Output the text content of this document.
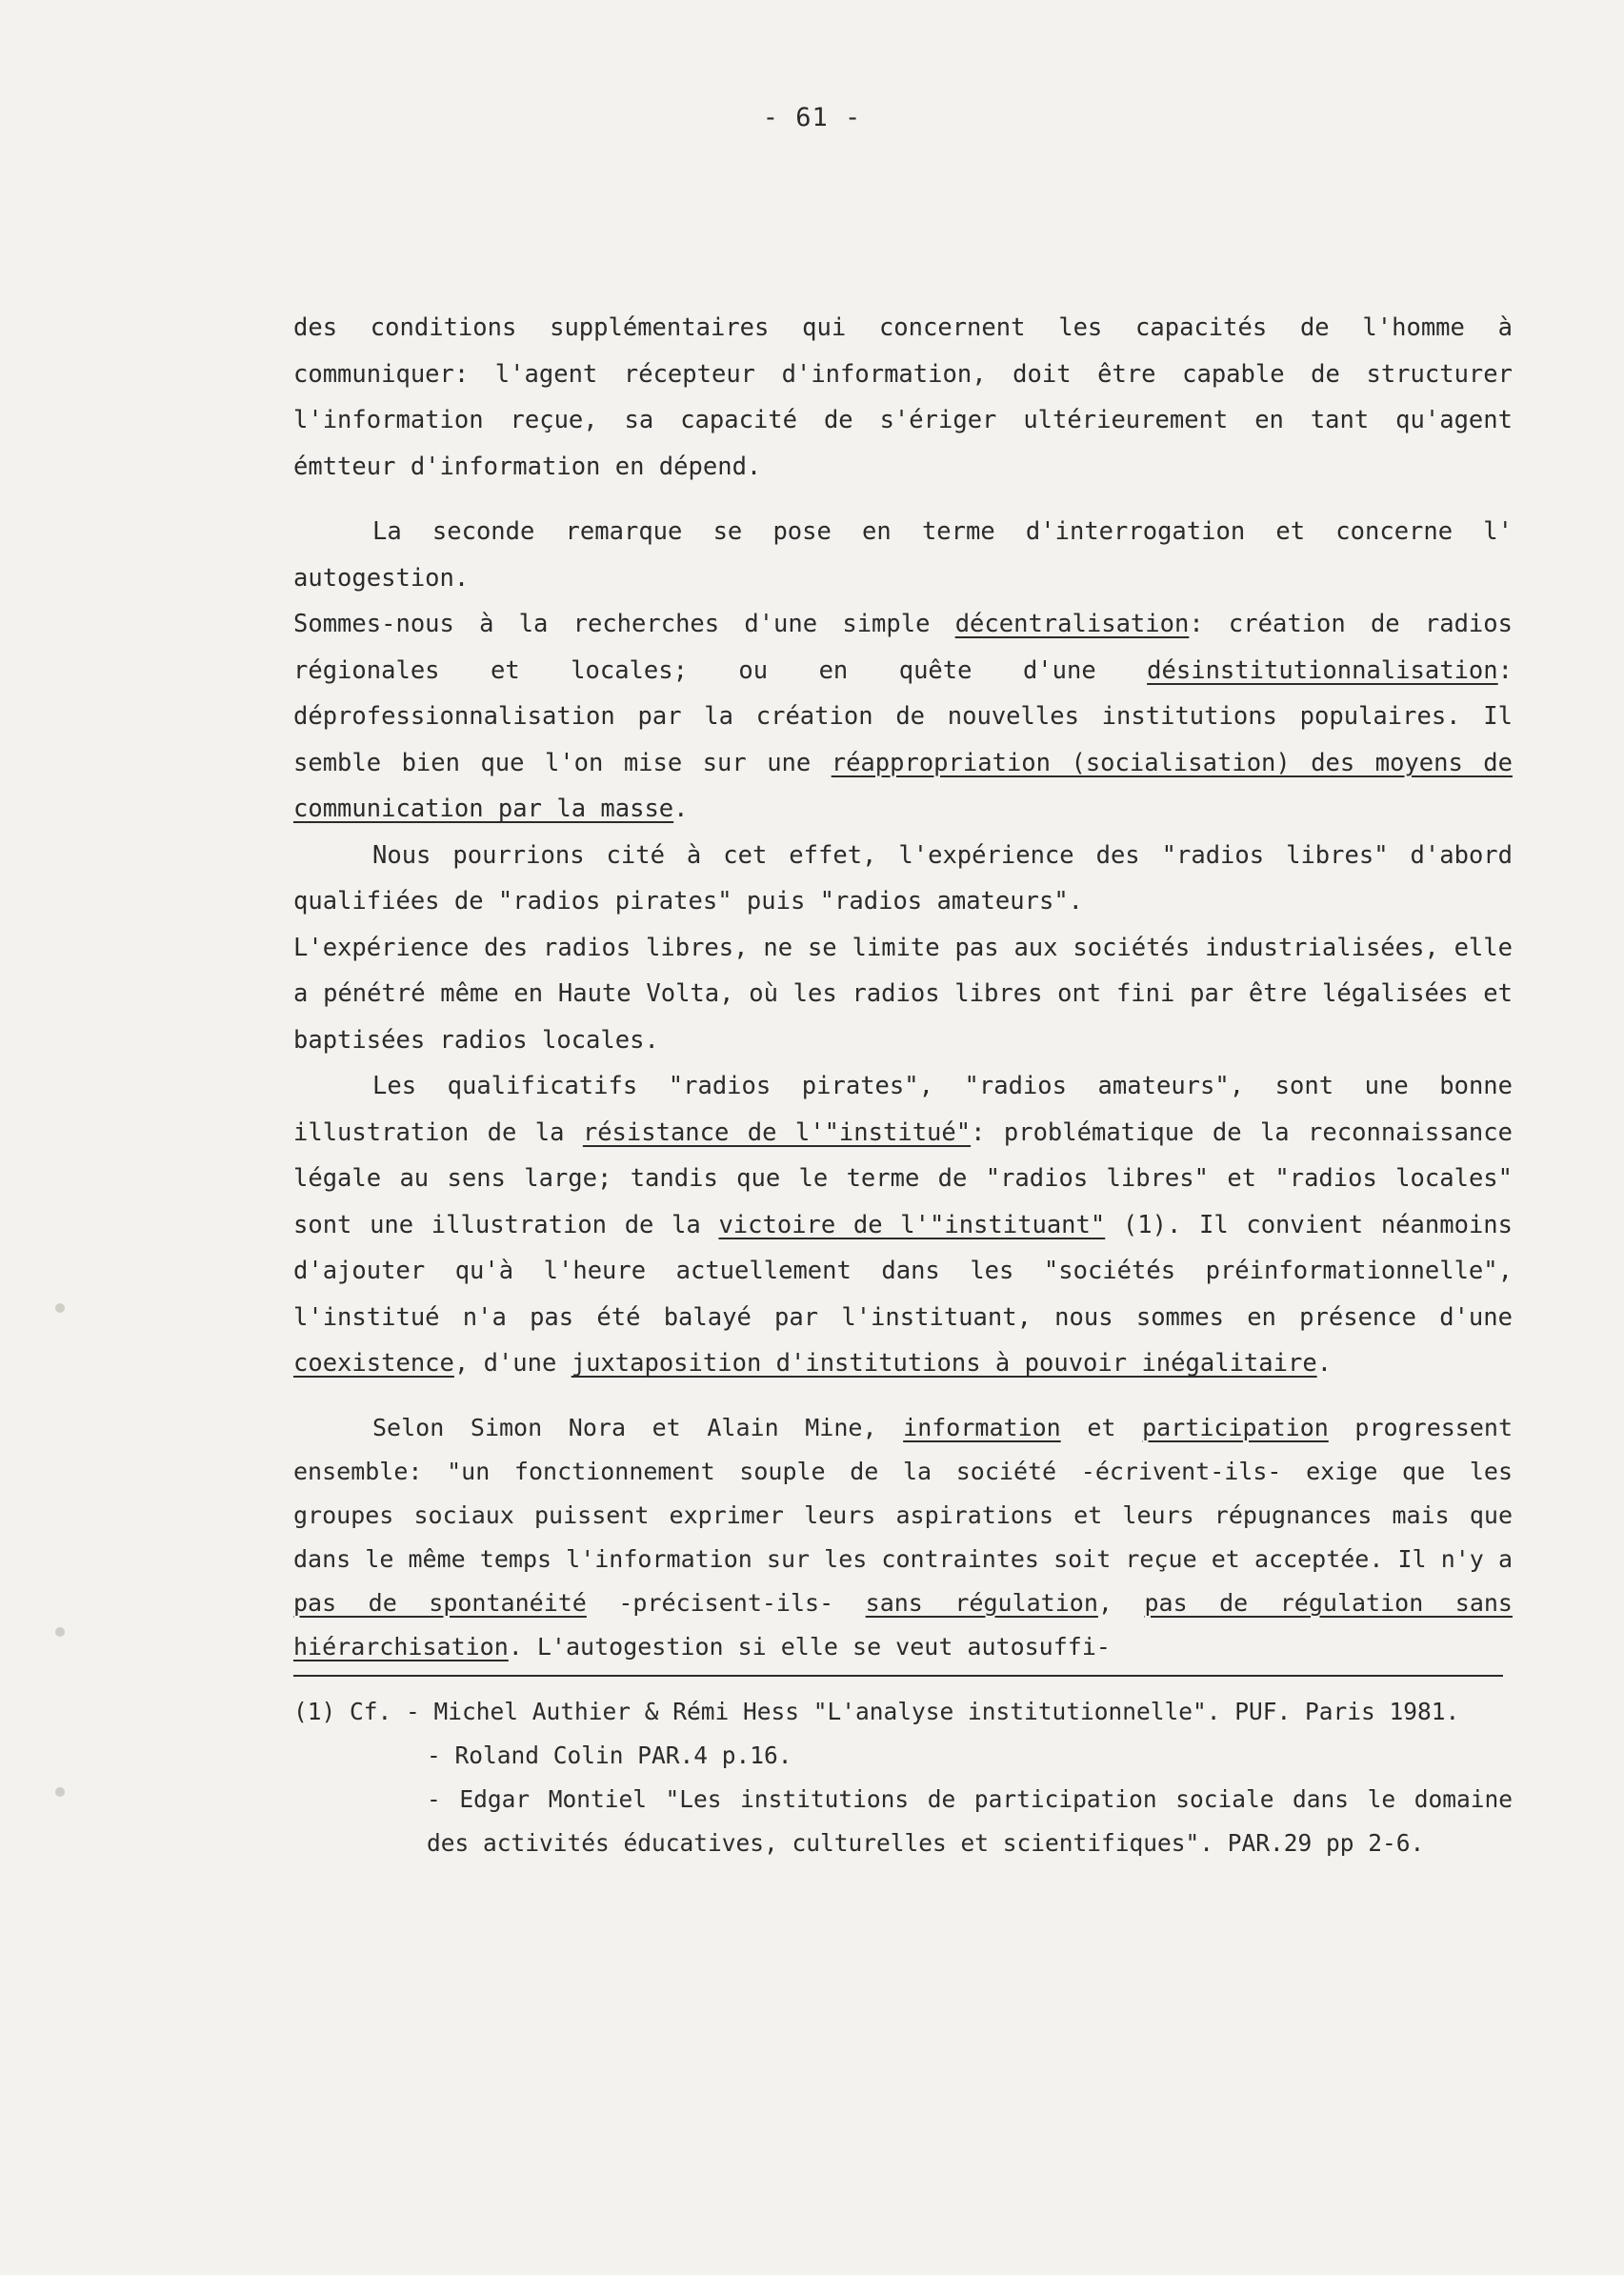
- 61 -

des conditions supplémentaires qui concernent les capacités de l'homme à communiquer: l'agent récepteur d'information, doit être capable de structurer l'information reçue, sa capacité de s'ériger ultérieurement en tant qu'agent émtteur d'information en dépend.

La seconde remarque se pose en terme d'interrogation et concerne l' autogestion.

Sommes-nous à la recherches d'une simple décentralisation: création de radios régionales et locales; ou en quête d'une désinstitutionnalisation: déprofessionnalisation par la création de nouvelles institutions populaires. Il semble bien que l'on mise sur une réappropriation (socialisation) des moyens de communication par la masse.

Nous pourrions cité à cet effet, l'expérience des "radios libres" d'abord qualifiées de "radios pirates" puis "radios amateurs".

L'expérience des radios libres, ne se limite pas aux sociétés industrialisées, elle a pénétré même en Haute Volta, où les radios libres ont fini par être légalisées et baptisées radios locales.

Les qualificatifs "radios pirates", "radios amateurs", sont une bonne illustration de la résistance de l'"institué": problématique de la reconnaissance légale au sens large; tandis que le terme de "radios libres" et "radios locales" sont une illustration de la victoire de l'"instituant" (1). Il convient néanmoins d'ajouter qu'à l'heure actuellement dans les "sociétés préinformationnelle", l'institué n'a pas été balayé par l'instituant, nous sommes en présence d'une coexistence, d'une juxtaposition d'institutions à pouvoir inégalitaire.

Selon Simon Nora et Alain Mine, information et participation progressent ensemble: "un fonctionnement souple de la société -écrivent-ils- exige que les groupes sociaux puissent exprimer leurs aspirations et leurs répugnances mais que dans le même temps l'information sur les contraintes soit reçue et acceptée. Il n'y a pas de spontanéité -précisent-ils- sans régulation, pas de régulation sans hiérarchisation. L'autogestion si elle se veut autosuffi-

(1) Cf. - Michel Authier & Rémi Hess "L'analyse institutionnelle". PUF. Paris 1981.

- Roland Colin PAR.4 p.16.

- Edgar Montiel "Les institutions de participation sociale dans le domaine des activités éducatives, culturelles et scientifiques". PAR.29 pp 2-6.
